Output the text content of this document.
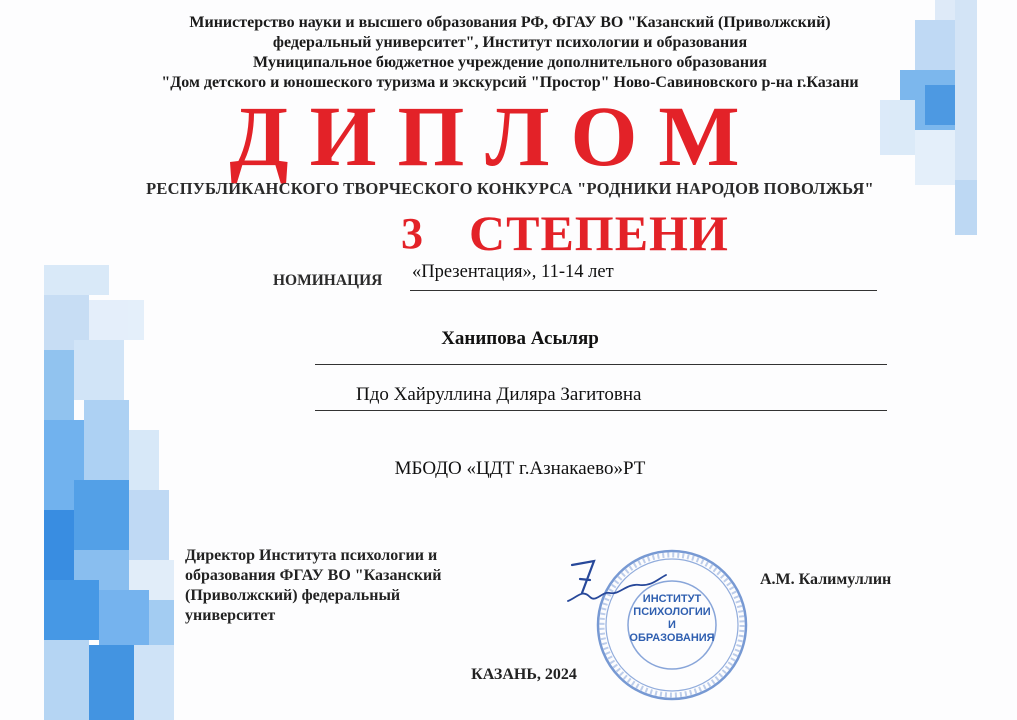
Министерство науки и высшего образования РФ, ФГАУ ВО "Казанский (Приволжский)

федеральный университет", Институт психологии и образования

Муниципальное бюджетное учреждение дополнительного образования

"Дом детского и юношеского туризма и экскурсий "Простор" Ново-Савиновского р-на г.Казани

ДИПЛОМ
РЕСПУБЛИКАНСКОГО ТВОРЧЕСКОГО КОНКУРСА "РОДНИКИ НАРОДОВ ПОВОЛЖЬЯ"
3 СТЕПЕНИ
НОМИНАЦИЯ «Презентация», 11-14 лет
Ханипова Асыляр
Пдо Хайруллина Диляра Загитовна
МБОДО «ЦДТ г.Азнакаево»РТ
Директор Института психологии и
образования ФГАУ ВО "Казанский
(Приволжский) федеральный
университет
ИНСТИТУТ
ПСИХОЛОГИИ
И
ОБРАЗОВАНИЯ
А.М. Калимуллин
КАЗАНЬ, 2024
